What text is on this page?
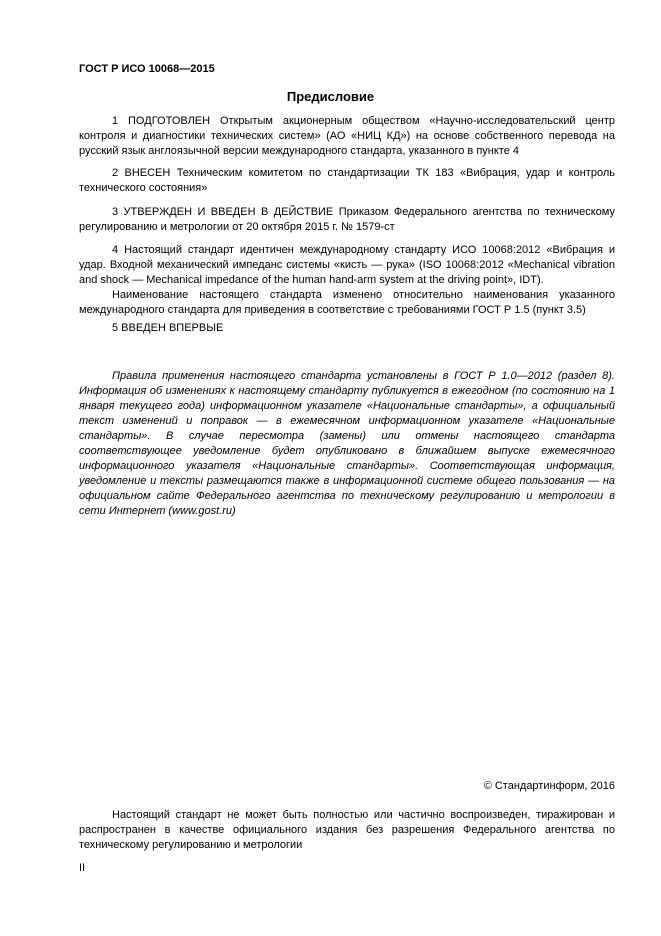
ГОСТ Р ИСО 10068—2015
Предисловие

1 ПОДГОТОВЛЕН Открытым акционерным обществом «Научно-исследовательский центр контроля и диагностики технических систем» (АО «НИЦ КД») на основе собственного перевода на русский язык англоязычной версии международного стандарта, указанного в пункте 4

2 ВНЕСЕН Техническим комитетом по стандартизации ТК 183 «Вибрация, удар и контроль технического состояния»

3 УТВЕРЖДЕН И ВВЕДЕН В ДЕЙСТВИЕ Приказом Федерального агентства по техническому регулированию и метрологии от 20 октября 2015 г. № 1579-ст

4 Настоящий стандарт идентичен международному стандарту ИСО 10068:2012 «Вибрация и удар. Входной механический импеданс системы «кисть — рука» (ISO 10068:2012 «Mechanical vibration and shock — Mechanical impedance of the human hand-arm system at the driving point», IDT).

Наименование настоящего стандарта изменено относительно наименования указанного международного стандарта для приведения в соответствие с требованиями ГОСТ Р 1.5 (пункт 3.5)

5 ВВЕДЕН ВПЕРВЫЕ

Правила применения настоящего стандарта установлены в ГОСТ Р 1.0—2012 (раздел 8). Информация об изменениях к настоящему стандарту публикуется в ежегодном (по состоянию на 1 января текущего года) информационном указателе «Национальные стандарты», а официальный текст изменений и поправок — в ежемесячном информационном указателе «Национальные стандарты». В случае пересмотра (замены) или отмены настоящего стандарта соответствующее уведомление будет опубликовано в ближайшем выпуске ежемесячного информационного указателя «Национальные стандарты». Соответствующая информация, уведомление и тексты размещаются также в информационной системе общего пользования — на официальном сайте Федерального агентства по техническому регулированию и метрологии в сети Интернет (www.gost.ru)

© Стандартинформ, 2016

Настоящий стандарт не может быть полностью или частично воспроизведен, тиражирован и распространен в качестве официального издания без разрешения Федерального агентства по техническому регулированию и метрологии

II
